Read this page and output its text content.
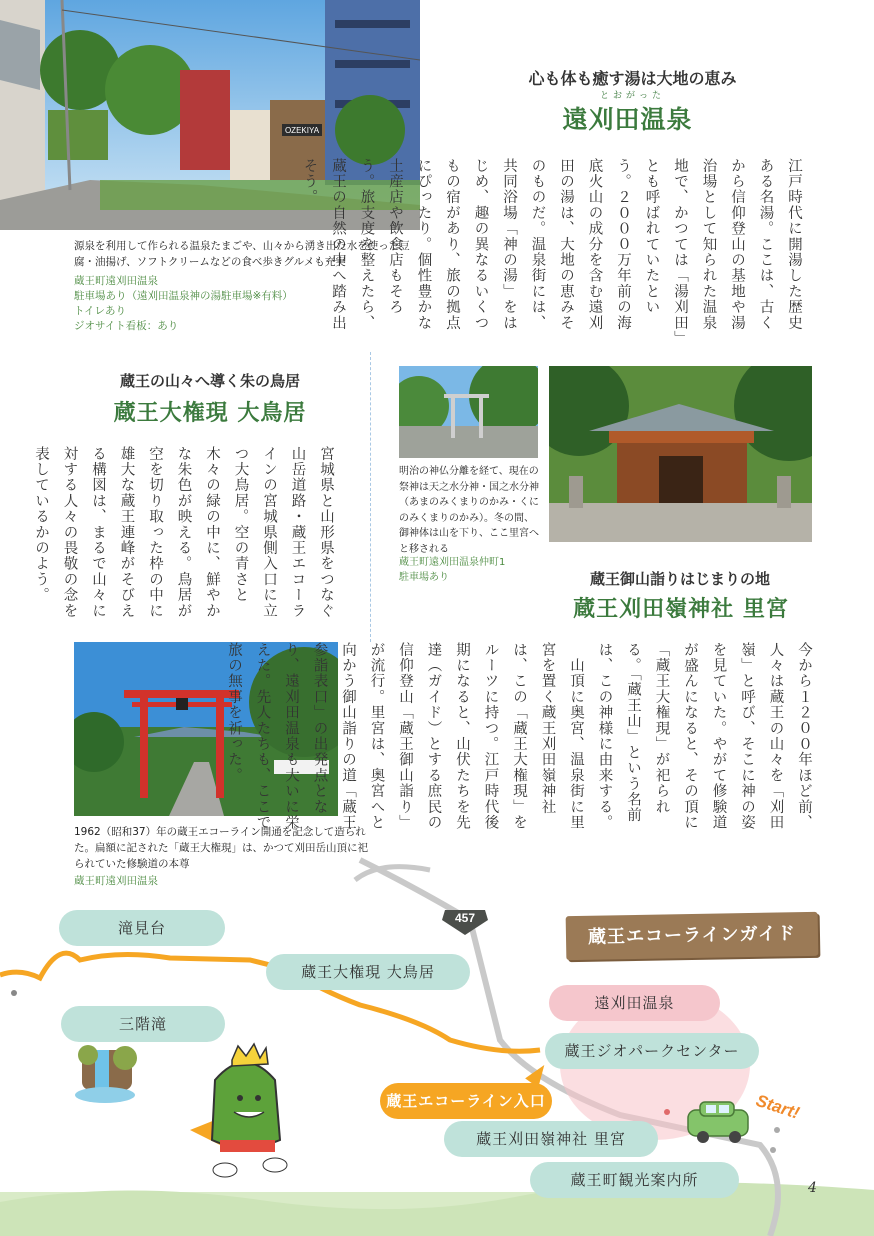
OZEKIYA
心も体も癒す湯は大地の恵み
とおがった
遠刈田温泉
江戸時代に開湯した歴史ある名湯。ここは、古くから信仰登山の基地や湯治場として知られた温泉地で、かつては「湯刈田」とも呼ばれていたという。２０００万年前の海底火山の成分を含む遠刈田の湯は、大地の恵みそのものだ。温泉街には、共同浴場「神の湯」をはじめ、趣の異なるいくつもの宿があり、旅の拠点にぴったり。個性豊かな土産店や飲食店もそろう。旅支度を整えたら、蔵王の自然の中へ踏み出そう。
源泉を利用して作られる温泉たまごや、山々から湧き出た水を使った豆腐・油揚げ、ソフトクリームなどの食べ歩きグルメも充実
蔵王町遠刈田温泉
駐車場あり（遠刈田温泉神の湯駐車場※有料）
トイレあり
ジオサイト看板：あり
蔵王の山々へ導く朱の鳥居
蔵王大権現 大鳥居
宮城県と山形県をつなぐ山岳道路・蔵王エコーラインの宮城県側入口に立つ大鳥居。空の青さと木々の緑の中に、鮮やかな朱色が映える。鳥居が空を切り取った枠の中に雄大な蔵王連峰がそびえる構図は、まるで山々に対する人々の畏敬の念を表しているかのよう。
1962（昭和37）年の蔵王エコーライン開通を記念して造られた。扁額に記された「蔵王大権現」は、かつて刈田岳山頂に祀られていた修験道の本尊
蔵王町遠刈田温泉
明治の神仏分離を経て、現在の祭神は天之水分神・国之水分神（あまのみくまりのかみ・くにのみくまりのかみ）。冬の間、御神体は山を下り、ここ里宮へと移される
蔵王町遠刈田温泉仲町1
駐車場あり	蔵王御山詣りはじまりの地
蔵王刈田嶺神社 里宮
今から１２００年ほど前、人々は蔵王の山々を「刈田嶺」と呼び、そこに神の姿を見ていた。やがて修験道が盛んになると、その頂に「蔵王大権現」が祀られる。「蔵王山」という名前は、この神様に由来する。
　山頂に奥宮、温泉街に里宮を置く蔵王刈田嶺神社は、この「蔵王大権現」をルーツに持つ。江戸時代後期になると、山伏たちを先達（ガイド）とする庶民の信仰登山「蔵王御山詣り」が流行。里宮は、奥宮へと向かう御山詣りの道「蔵王参詣表口」の出発点となり、遠刈田温泉も大いに栄えた。先人たちも、ここで旅の無事を祈った。
457
Start!
蔵王エコーラインガイド
滝見台
蔵王大権現 大鳥居
三階滝
遠刈田温泉
蔵王ジオパークセンター
蔵王エコーライン入口
蔵王刈田嶺神社 里宮
蔵王町観光案内所	4
